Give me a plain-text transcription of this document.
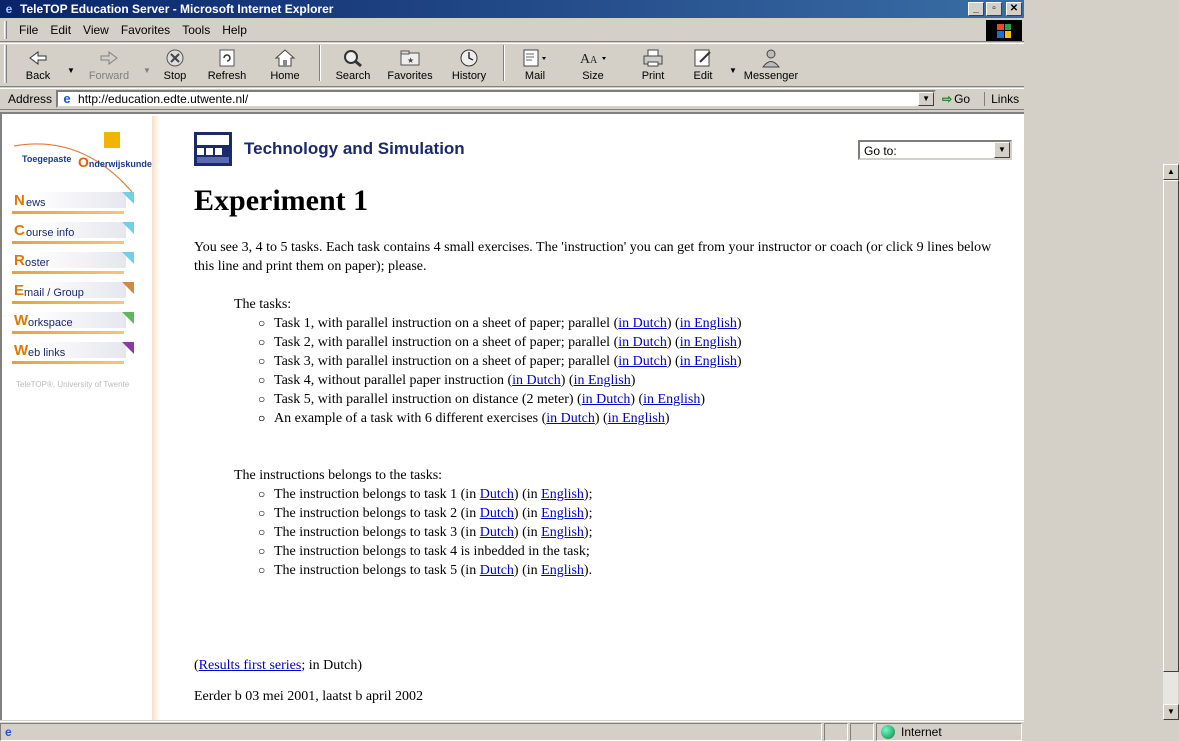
e TeleTOP Education Server - Microsoft Internet Explorer	_	▫	✕
File	Edit	View	Favorites	Tools	Help
Back ▼ Forward ▼ Stop Refresh Home	Search
★
Favorites History	Mail
A A
Size	Print	Edit ▼ Messenger
Address e http://education.edte.utwente.nl/	▼	⇨ Go	Links
Toegepaste Onderwijskunde
N ews
C ourse info
R oster
E mail / Group
W orkspace
W eb links
TeleTOP®, University of Twente
Technology and Simulation	Go to:	▼
Experiment 1

You see 3, 4 to 5 tasks. Each task contains 4 small exercises. The 'instruction' you can get from your instructor or coach (or click 9 lines below this line and print them on paper); please.

The tasks:
○ Task 1, with parallel instruction on a sheet of paper; parallel (in Dutch) (in English)
○ Task 2, with parallel instruction on a sheet of paper; parallel (in Dutch) (in English)
○ Task 3, with parallel instruction on a sheet of paper; parallel (in Dutch) (in English)
○ Task 4, without parallel paper instruction (in Dutch) (in English)
○ Task 5, with parallel instruction on distance (2 meter) (in Dutch) (in English)
○ An example of a task with 6 different exercises (in Dutch) (in English)
The instructions belongs to the tasks:
○ The instruction belongs to task 1 (in Dutch) (in English);
○ The instruction belongs to task 2 (in Dutch) (in English);
○ The instruction belongs to task 3 (in Dutch) (in English);
○ The instruction belongs to task 4 is inbedded in the task;
○ The instruction belongs to task 5 (in Dutch) (in English).
(Results first series; in Dutch)
Eerder b 03 mei 2001, laatst b april 2002
▲
▼
e	Internet
